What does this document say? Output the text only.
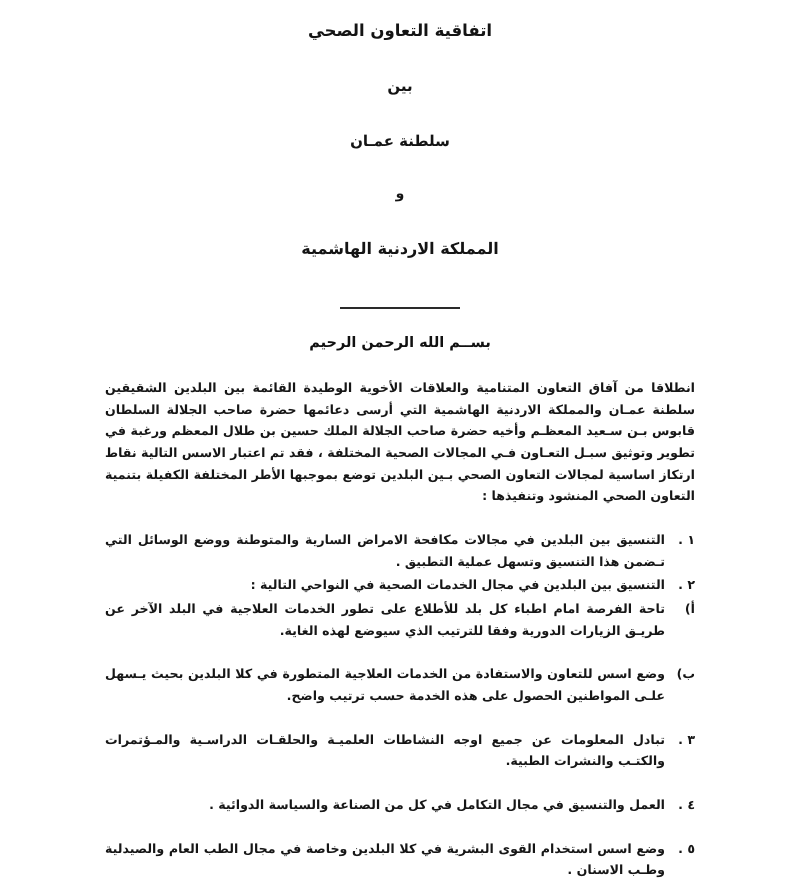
اتفاقية التعاون الصحي
بين
سلطنة عمـان
و
المملكة الاردنية الهاشمية
بســم الله الرحمن الرحيم

انطلاقا من آفاق التعاون المتنامية والعلاقات الأخوية الوطيدة القائمة بين البلدين الشقيقين سلطنة عمـان والمملكة الاردنية الهاشمية التي أرسى دعائمها حضرة صاحب الجلالة السلطان قابوس بـن سـعيد المعظـم وأخيه حضرة صاحب الجلالة الملك حسين بن طلال المعظم ورغبة في تطوير وتوثيق سبـل التعـاون فـي المجالات الصحية المختلفة ، فقد تم اعتبار الاسس التالية نقاط ارتكاز اساسية لمجالات التعاون الصحي بـين البلدين توضع بموجبها الأطر المختلفة الكفيلة بتنمية التعاون الصحي المنشود وتنفيذها :

١ .
التنسيق بين البلدين في مجالات مكافحة الامراض السارية والمتوطنة ووضع الوسائل التي تـضمن هذا التنسيق وتسهل عملية التطبيق .
٢ .
التنسيق بين البلدين في مجال الخدمات الصحية في النواحي التالية :
أ)
تاحة الفرصة امام اطباء كل بلد للأطلاع على تطور الخدمات العلاجية في البلد الآخر عن طريـق الزيارات الدورية وفقا للترتيب الذي سيوضع لهذه الغاية.
ب)
وضع اسس للتعاون والاستفادة من الخدمات العلاجية المتطورة في كلا البلدين بحيث يـسهل علـى المواطنين الحصول على هذه الخدمة حسب ترتيب واضح.
٣ .
تبادل المعلومات عن جميع اوجه النشاطات العلميـة والحلقـات الدراسـية والمـؤتمرات والكتـب والنشرات الطبية.
٤ .
العمل والتنسيق في مجال التكامل في كل من الصناعة والسياسة الدوائية .
٥ .
وضع اسس استخدام القوى البشرية في كلا البلدين وخاصة في مجال الطب العام والصيدلية وطـب الاسنان .
